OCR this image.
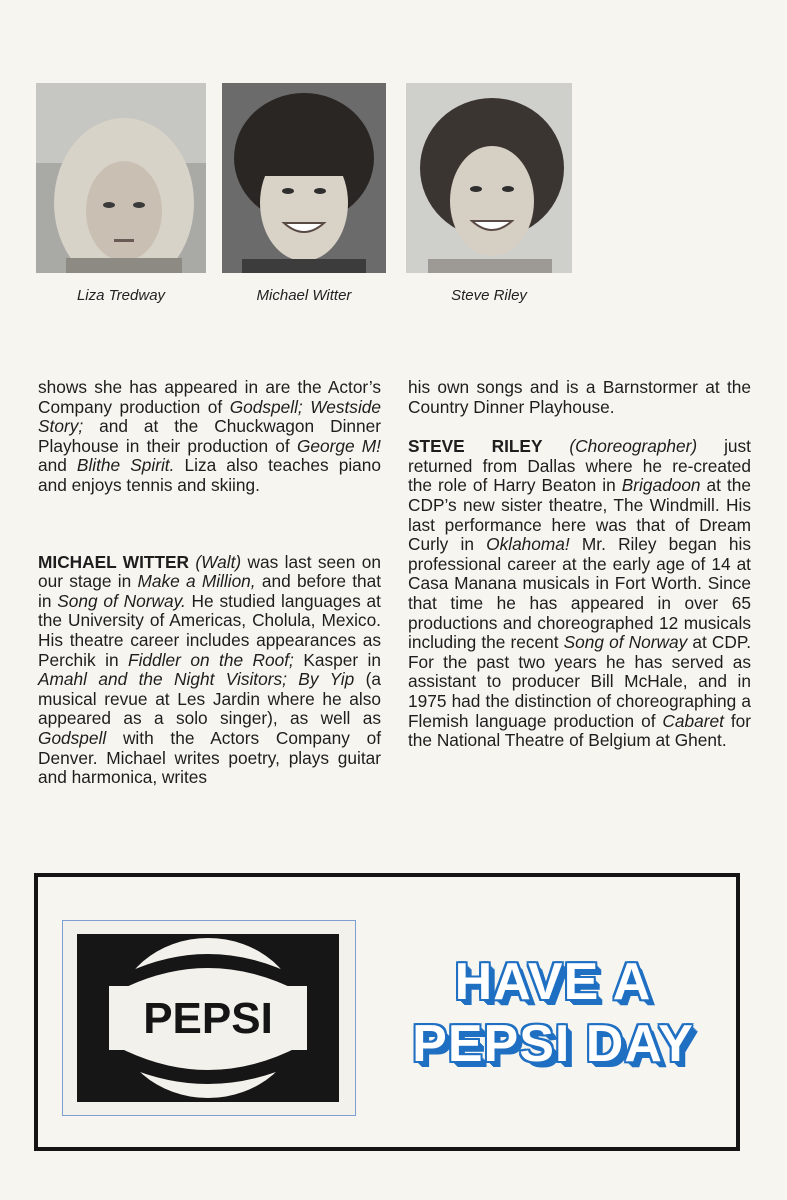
Liza Tredway	Michael Witter	Steve Riley

shows she has appeared in are the Actor’s Company production of Godspell; Westside Story; and at the Chuckwagon Dinner Playhouse in their production of George M! and Blithe Spirit. Liza also teaches piano and enjoys tennis and skiing.

MICHAEL WITTER (Walt) was last seen on our stage in Make a Million, and before that in Song of Norway. He studied languages at the University of Americas, Cholula, Mexico. His theatre career includes appearances as Perchik in Fiddler on the Roof; Kasper in Amahl and the Night Visitors; By Yip (a musical revue at Les Jardin where he also appeared as a solo singer), as well as Godspell with the Actors Company of Denver. Michael writes poetry, plays guitar and harmonica, writes

his own songs and is a Barnstormer at the Country Dinner Playhouse.

STEVE RILEY (Choreographer) just returned from Dallas where he re-created the role of Harry Beaton in Brigadoon at the CDP’s new sister theatre, The Windmill. His last performance here was that of Dream Curly in Oklahoma! Mr. Riley began his professional career at the early age of 14 at Casa Manana musicals in Fort Worth. Since that time he has appeared in over 65 productions and choreographed 12 musicals including the recent Song of Norway at CDP. For the past two years he has served as assistant to producer Bill McHale, and in 1975 had the distinction of choreographing a Flemish language production of Cabaret for the National Theatre of Belgium at Ghent.

PEPSI
HAVE A
PEPSI DAY
